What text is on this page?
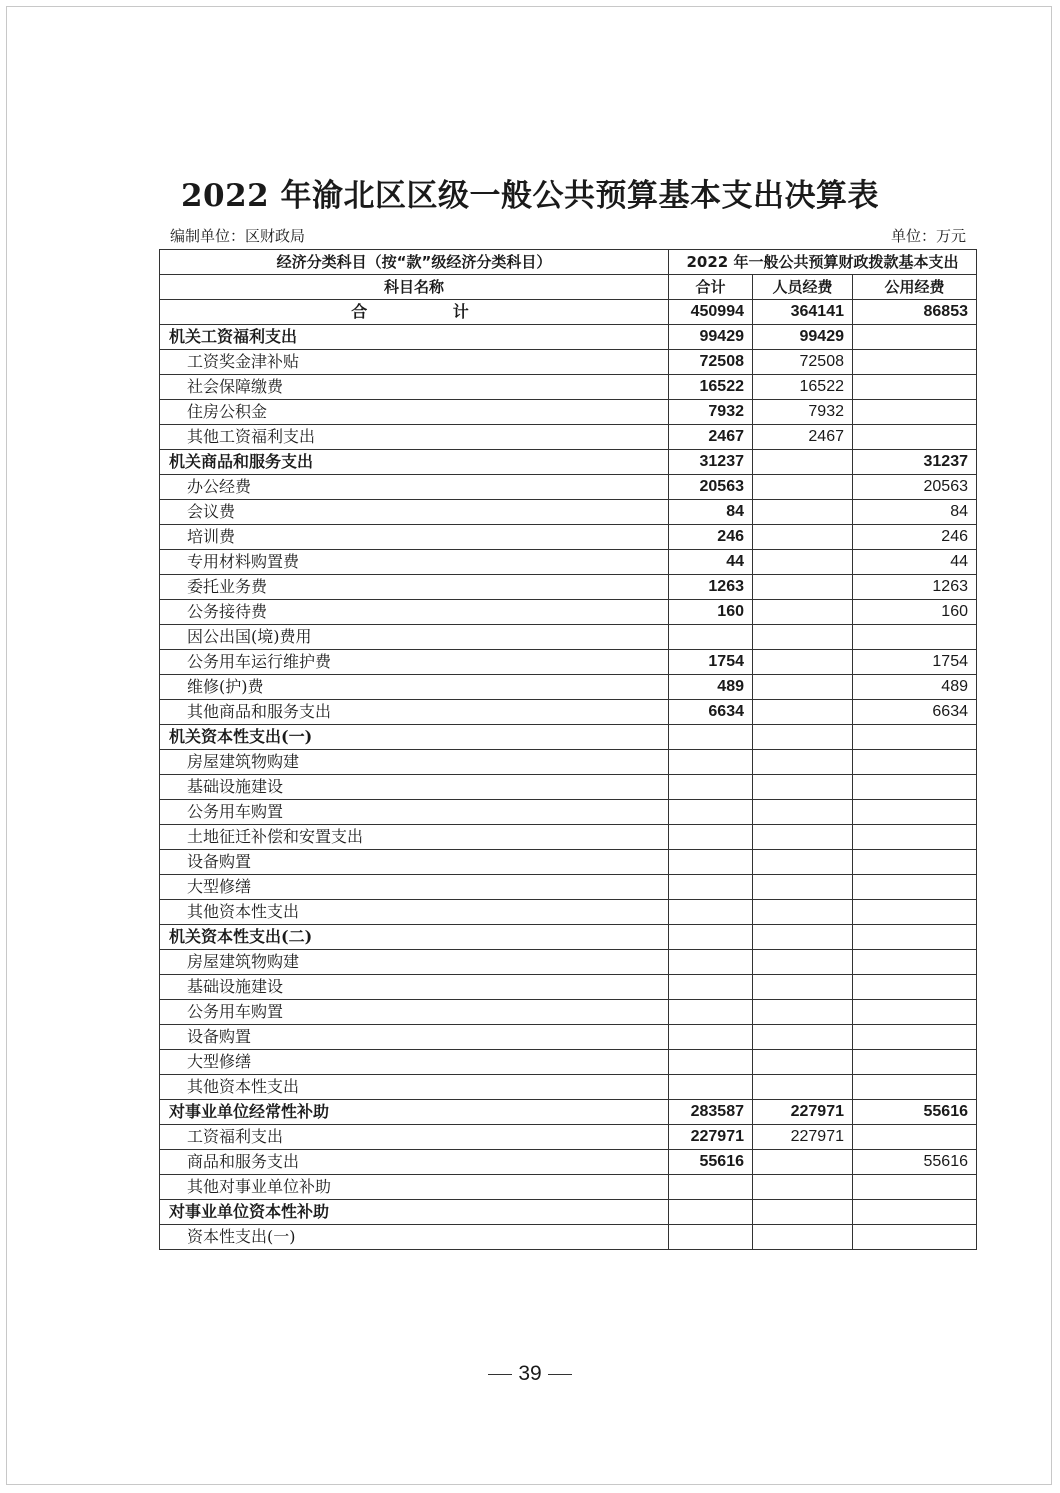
2022 年渝北区区级一般公共预算基本支出决算表
编制单位：区财政局	单位：万元
经济分类科目（按“款”级经济分类科目）	2022 年一般公共预算财政拨款基本支出		
科目名称	合计	人员经费	公用经费
合 计	450994	364141	86853
机关工资福利支出	99429	99429	
工资奖金津补贴	72508	72508	
社会保障缴费	16522	16522	
住房公积金	7932	7932	
其他工资福利支出	2467	2467	
机关商品和服务支出	31237		31237
办公经费	20563		20563
会议费	84		84
培训费	246		246
专用材料购置费	44		44
委托业务费	1263		1263
公务接待费	160		160
因公出国(境)费用			
公务用车运行维护费	1754		1754
维修(护)费	489		489
其他商品和服务支出	6634		6634
机关资本性支出(一)			
房屋建筑物购建			
基础设施建设			
公务用车购置			
土地征迁补偿和安置支出			
设备购置			
大型修缮			
其他资本性支出			
机关资本性支出(二)			
房屋建筑物购建			
基础设施建设			
公务用车购置			
设备购置			
大型修缮			
其他资本性支出			
对事业单位经常性补助	283587	227971	55616
工资福利支出	227971	227971	
商品和服务支出	55616		55616
其他对事业单位补助			
对事业单位资本性补助			
资本性支出(一)			
39
